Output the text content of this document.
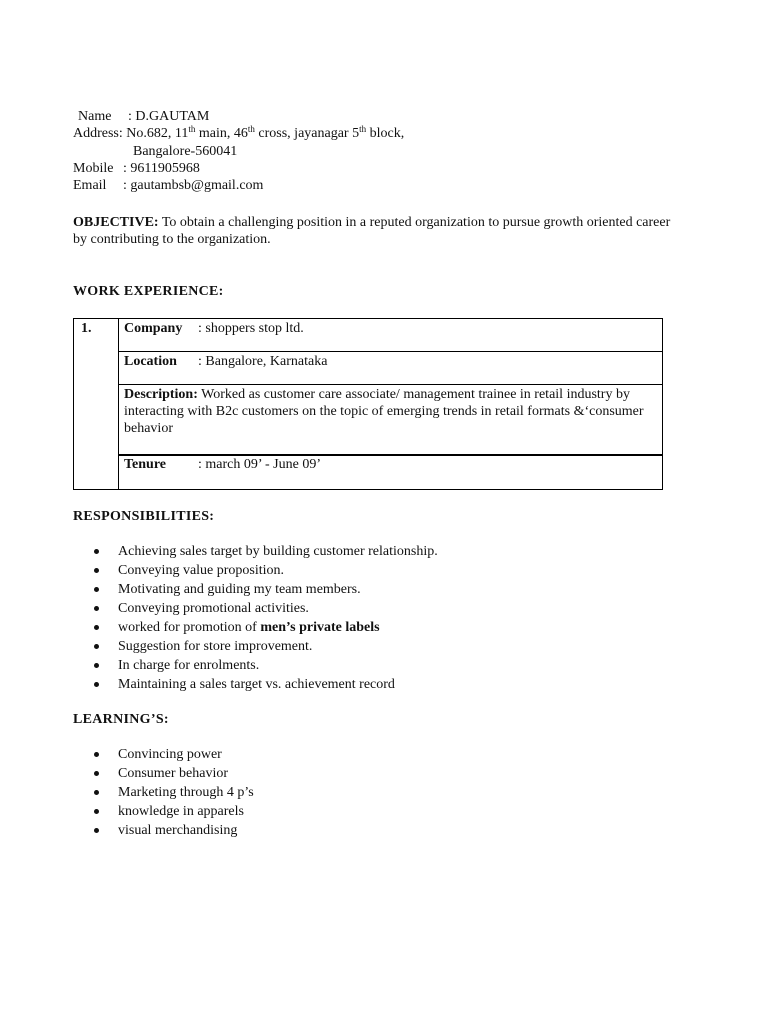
Name : D.GAUTAM
Address: No.682, 11th main, 46th cross, jayanagar 5th block,
Bangalore-560041
Mobile : 9611905968
Email : gautambsb@gmail.com
OBJECTIVE: To obtain a challenging position in a reputed organization to pursue growth oriented career by contributing to the organization.
WORK EXPERIENCE:
1. Company : shoppers stop ltd.
Location : Bangalore, Karnataka
Description: Worked as customer care associate/ management trainee in retail industry by interacting with B2c customers on the topic of emerging trends in retail formats &‘consumer behavior
Tenure : march 09’ - June 09’
RESPONSIBILITIES:
Achieving sales target by building customer relationship.
Conveying value proposition.
Motivating and guiding my team members.
Conveying promotional activities.
worked for promotion of men’s private labels
Suggestion for store improvement.
In charge for enrolments.
Maintaining a sales target vs. achievement record
LEARNING’S:
Convincing power
Consumer behavior
Marketing through 4 p’s
knowledge in apparels
visual merchandising
